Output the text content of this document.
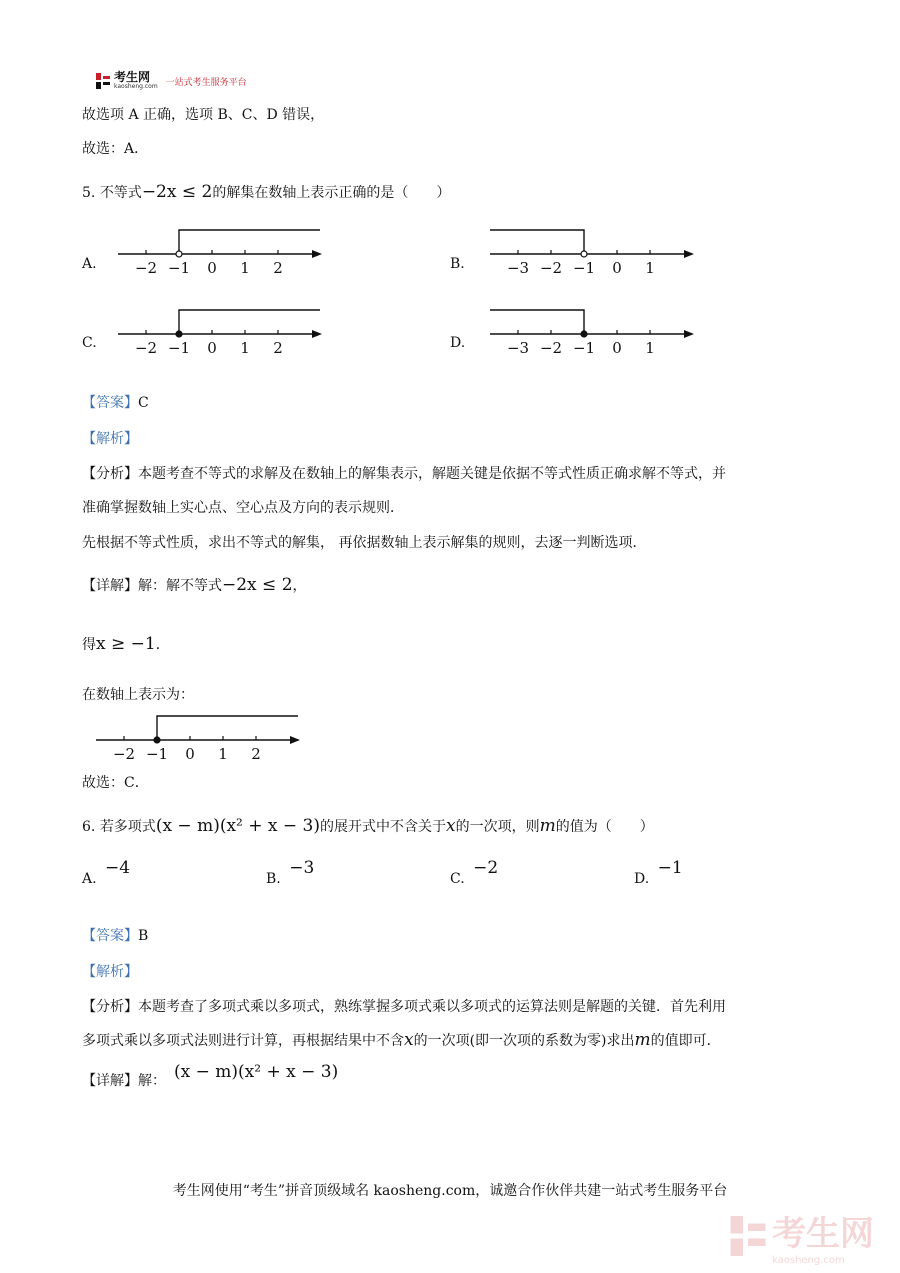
考生网
kaosheng.com 一站式考生服务平台
故选项 A 正确，选项 B、C、D 错误，
故选：A．
5. 不等式−2x ≤ 2的解集在数轴上表示正确的是（　　）
A.	−2 −1 0 1 2	B.	−3 −2 −1 0 1
C.	−2 −1 0 1 2	D.	−3 −2 −1 0 1
【答案】C
【解析】
【分析】本题考查不等式的求解及在数轴上的解集表示，解题关键是依据不等式性质正确求解不等式，并
准确掌握数轴上实心点、空心点及方向的表示规则．
先根据不等式性质，求出不等式的解集， 再依据数轴上表示解集的规则，去逐一判断选项．
【详解】解：解不等式−2x ≤ 2，
得x ≥ −1．
在数轴上表示为：
−2 −1 0 1 2
故选：C．
6. 若多项式(x − m)(x² + x − 3)的展开式中不含关于x的一次项，则m的值为（　　）
A. −4
B. −3
C. −2
D. −1
【答案】B
【解析】
【分析】本题考查了多项式乘以多项式，熟练掌握多项式乘以多项式的运算法则是解题的关键．首先利用
多项式乘以多项式法则进行计算，再根据结果中不含x的一次项(即一次项的系数为零)求出m的值即可．
【详解】解： (x − m)(x² + x − 3)
考生网使用“考生”拼音顶级域名 kaosheng.com，诚邀合作伙伴共建一站式考生服务平台
考生网
kaosheng.com
